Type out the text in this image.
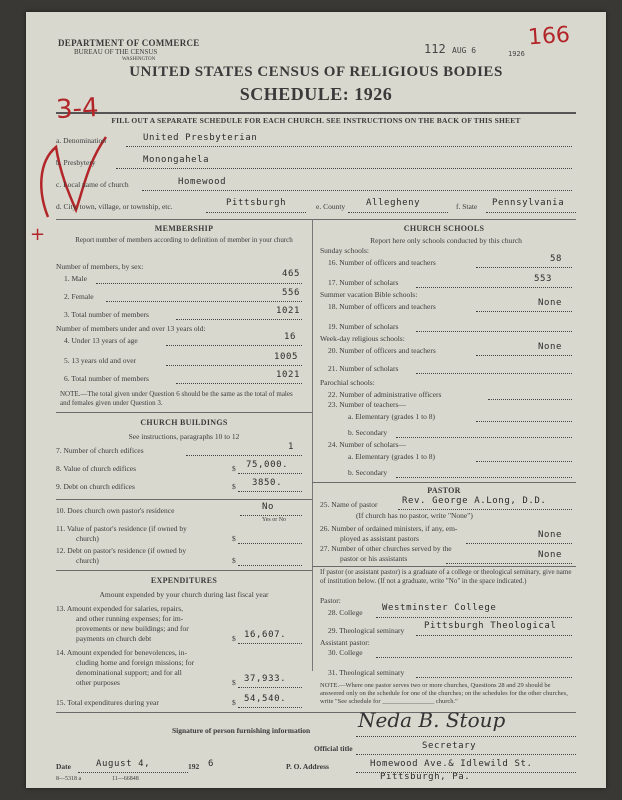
DEPARTMENT OF COMMERCE
BUREAU OF THE CENSUS
WASHINGTON
UNITED STATES CENSUS OF RELIGIOUS BODIES
SCHEDULE: 1926
FILL OUT A SEPARATE SCHEDULE FOR EACH CHURCH. SEE INSTRUCTIONS ON THE BACK OF THIS SHEET
112 AUG 6	1926
166
3-4
+
a. Denomination	United Presbyterian
b. Presbytery	Monongahela
c. Local name of church	Homewood
d. City, town, village, or township, etc.	Pittsburgh	e. County Allegheny	f. State Pennsylvania
MEMBERSHIP
Report number of members according to definition of member in your church
Number of members, by sex:
1. Male	465
2. Female	556
3. Total number of members	1021
Number of members under and over 13 years old:
4. Under 13 years of age	16
5. 13 years old and over	1005
6. Total number of members	1021
NOTE.—The total given under Question 6 should be the same as the total of males and females given under Question 3.
CHURCH BUILDINGS
See instructions, paragraphs 10 to 12
7. Number of church edifices	1
8. Value of church edifices	$ 75,000.
9. Debt on church edifices	$ 3850.
10. Does church own pastor's residence	No
Yes or No
11. Value of pastor's residence (if owned by
church)	$
12. Debt on pastor's residence (if owned by
church)	$
EXPENDITURES
Amount expended by your church during last fiscal year
13. Amount expended for salaries, repairs,
and other running expenses; for im-
provements or new buildings; and for
payments on church debt	$ 16,607.
14. Amount expended for benevolences, in-
cluding home and foreign missions; for
denominational support; and for all
other purposes	$ 37,933.
15. Total expenditures during year	$ 54,540.
CHURCH SCHOOLS
Report here only schools conducted by this church
Sunday schools:
16. Number of officers and teachers	58
17. Number of scholars	553
Summer vacation Bible schools:
18. Number of officers and teachers	None
19. Number of scholars
Week-day religious schools:
20. Number of officers and teachers	None
21. Number of scholars
Parochial schools:
22. Number of administrative officers
23. Number of teachers—
a. Elementary (grades 1 to 8)
b. Secondary
24. Number of scholars—
a. Elementary (grades 1 to 8)
b. Secondary
PASTOR
25. Name of pastor	Rev. George A.Long, D.D.
(If church has no pastor, write "None")
26. Number of ordained ministers, if any, em-
ployed as assistant pastors	None
27. Number of other churches served by the
pastor or his assistants	None
If pastor (or assistant pastor) is a graduate of a college or theological seminary, give name of institution below. (If not a graduate, write "No" in the space indicated.)
Pastor:
28. College Westminster College
29. Theological seminary Pittsburgh Theological
Assistant pastor:
30. College
31. Theological seminary
NOTE.—Where one pastor serves two or more churches, Questions 28 and 29 should be answered only on the schedule for one of the churches; on the schedules for the other churches, write "See schedule for ________________ church."
Signature of person furnishing information Neda B. Stoup
Official title	Secretary
Date	August 4,	192 6
8—5318 a	11—66848
P. O. Address	Homewood Ave.& Idlewild St.
Pittsburgh, Pa.
